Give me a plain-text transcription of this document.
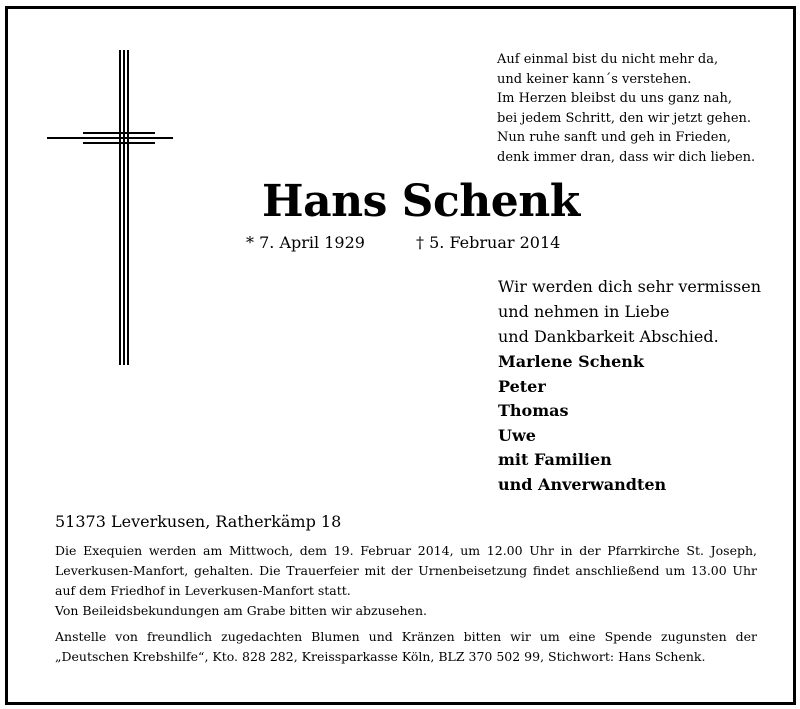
Auf einmal bist du nicht mehr da,
und keiner kann´s verstehen.
Im Herzen bleibst du uns ganz nah,
bei jedem Schritt, den wir jetzt gehen.
Nun ruhe sanft und geh in Frieden,
denk immer dran, dass wir dich lieben.
Hans Schenk
* 7. April 1929	† 5. Februar 2014
Wir werden dich sehr vermissen
und nehmen in Liebe
und Dankbarkeit Abschied.
Marlene Schenk
Peter
Thomas
Uwe
mit Familien
und Anverwandten
51373 Leverkusen, Ratherkämp 18

Die Exequien werden am Mittwoch, dem 19. Februar 2014, um 12.00 Uhr in der Pfarrkirche St. Joseph, Leverkusen-Manfort, gehalten. Die Trauerfeier mit der Urnenbeisetzung findet anschließend um 13.00 Uhr auf dem Friedhof in Leverkusen-Manfort statt.

Von Beileidsbekundungen am Grabe bitten wir abzusehen.

Anstelle von freundlich zugedachten Blumen und Kränzen bitten wir um eine Spende zugunsten der „Deutschen Krebshilfe“, Kto. 828 282, Kreissparkasse Köln, BLZ 370 502 99, Stichwort: Hans Schenk.
